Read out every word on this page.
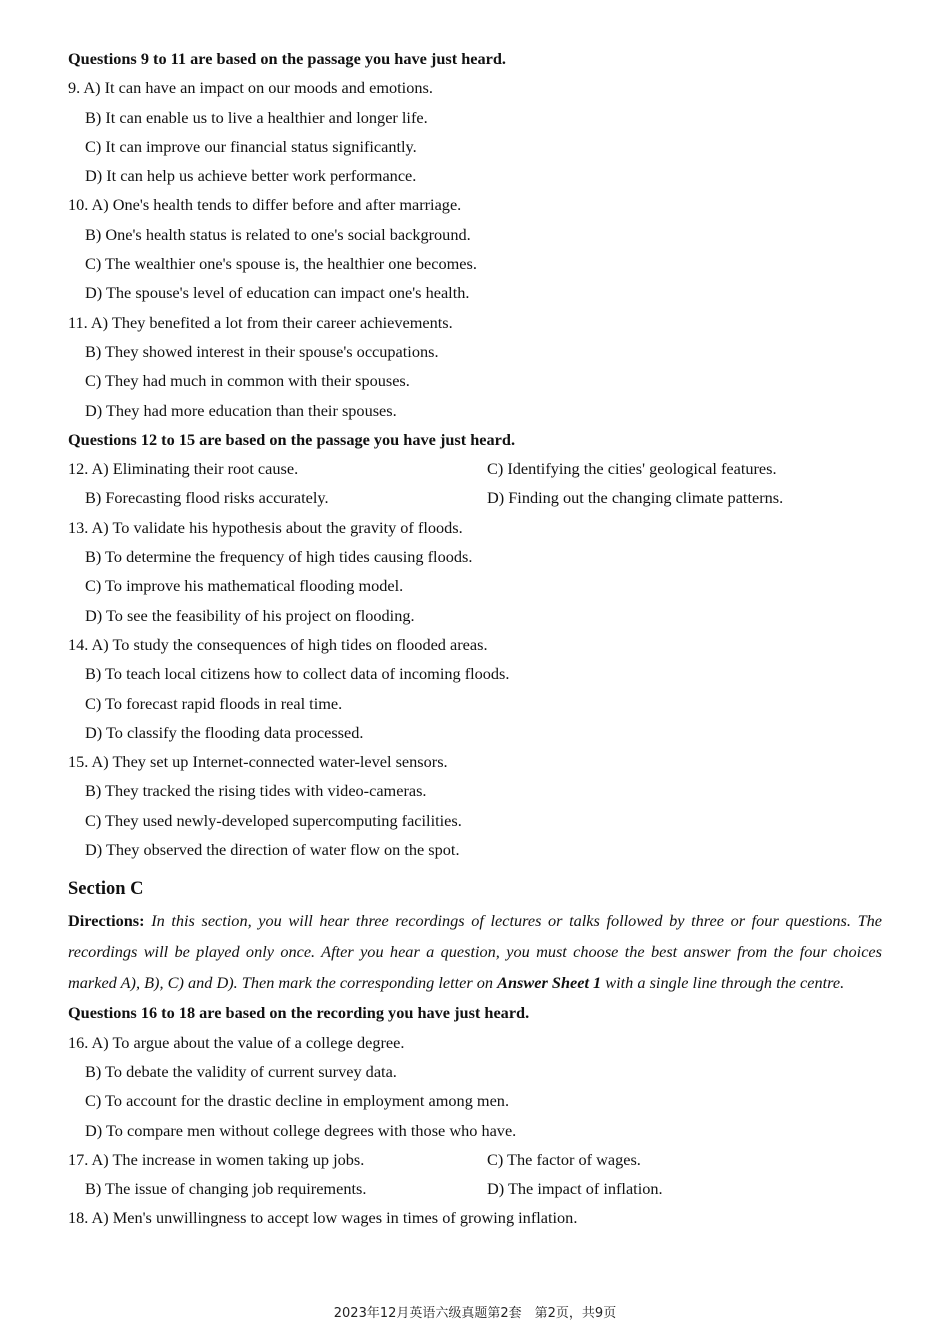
Questions 9 to 11 are based on the passage you have just heard.
9. A) It can have an impact on our moods and emotions.
B) It can enable us to live a healthier and longer life.
C) It can improve our financial status significantly.
D) It can help us achieve better work performance.
10. A) One's health tends to differ before and after marriage.
B) One's health status is related to one's social background.
C) The wealthier one's spouse is, the healthier one becomes.
D) The spouse's level of education can impact one's health.
11. A) They benefited a lot from their career achievements.
B) They showed interest in their spouse's occupations.
C) They had much in common with their spouses.
D) They had more education than their spouses.
Questions 12 to 15 are based on the passage you have just heard.
12. A) Eliminating their root cause.	C) Identifying the cities' geological features.
B) Forecasting flood risks accurately.	D) Finding out the changing climate patterns.
13. A) To validate his hypothesis about the gravity of floods.
B) To determine the frequency of high tides causing floods.
C) To improve his mathematical flooding model.
D) To see the feasibility of his project on flooding.
14. A) To study the consequences of high tides on flooded areas.
B) To teach local citizens how to collect data of incoming floods.
C) To forecast rapid floods in real time.
D) To classify the flooding data processed.
15. A) They set up Internet-connected water-level sensors.
B) They tracked the rising tides with video-cameras.
C) They used newly-developed supercomputing facilities.
D) They observed the direction of water flow on the spot.
Section C
Directions: In this section, you will hear three recordings of lectures or talks followed by three or four questions. The recordings will be played only once. After you hear a question, you must choose the best answer from the four choices marked A), B), C) and D). Then mark the corresponding letter on Answer Sheet 1 with a single line through the centre.
Questions 16 to 18 are based on the recording you have just heard.
16. A) To argue about the value of a college degree.
B) To debate the validity of current survey data.
C) To account for the drastic decline in employment among men.
D) To compare men without college degrees with those who have.
17. A) The increase in women taking up jobs.	C) The factor of wages.
B) The issue of changing job requirements.	D) The impact of inflation.
18. A) Men's unwillingness to accept low wages in times of growing inflation.
2023年12月英语六级真题第2套　第2页，共9页
